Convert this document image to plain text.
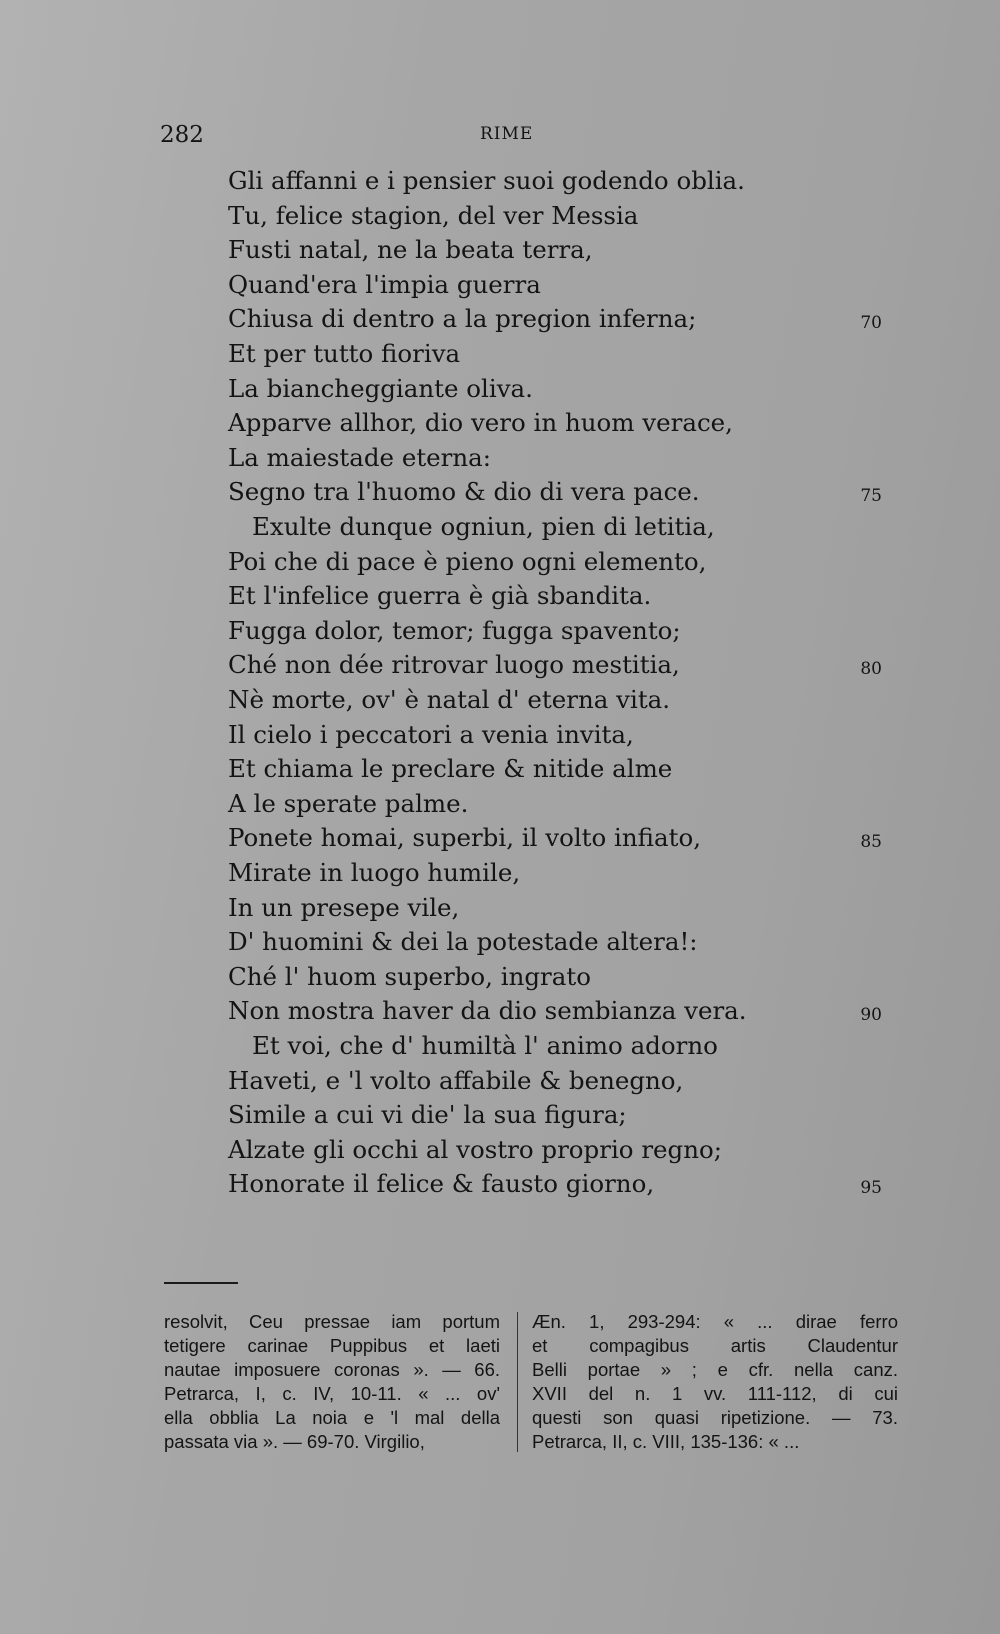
282	RIME
Gli affanni e i pensier suoi godendo oblia.
Tu, felice stagion, del ver Messia
Fusti natal, ne la beata terra,
Quand'era l'impia guerra
Chiusa di dentro a la pregion inferna;	70
Et per tutto fioriva
La biancheggiante oliva.
Apparve allhor, dio vero in huom verace,
La maiestade eterna:
Segno tra l'huomo & dio di vera pace.	75
Exulte dunque ogniun, pien di letitia,
Poi che di pace è pieno ogni elemento,
Et l'infelice guerra è già sbandita.
Fugga dolor, temor; fugga spavento;
Ché non dée ritrovar luogo mestitia,	80
Nè morte, ov' è natal d' eterna vita.
Il cielo i peccatori a venia invita,
Et chiama le preclare & nitide alme
A le sperate palme.
Ponete homai, superbi, il volto infiato,	85
Mirate in luogo humile,
In un presepe vile,
D' huomini & dei la potestade altera!:
Ché l' huom superbo, ingrato
Non mostra haver da dio sembianza vera.	90
Et voi, che d' humiltà l' animo adorno
Haveti, e 'l volto affabile & benegno,
Simile a cui vi die' la sua figura;
Alzate gli occhi al vostro proprio regno;
Honorate il felice & fausto giorno,	95
resolvit, Ceu pressae iam portum
tetigere carinae Puppibus et laeti
nautae imposuere coronas ». — 66.
Petrarca, I, c. IV, 10-11. « ... ov'
ella obblia La noia e 'l mal della
passata via ». — 69-70. Virgilio,
Æn. 1, 293-294: « ... dirae ferro
et compagibus artis Claudentur
Belli portae » ; e cfr. nella canz.
XVII del n. 1 vv. 111-112, di cui
questi son quasi ripetizione. — 73.
Petrarca, II, c. VIII, 135-136: « ...
